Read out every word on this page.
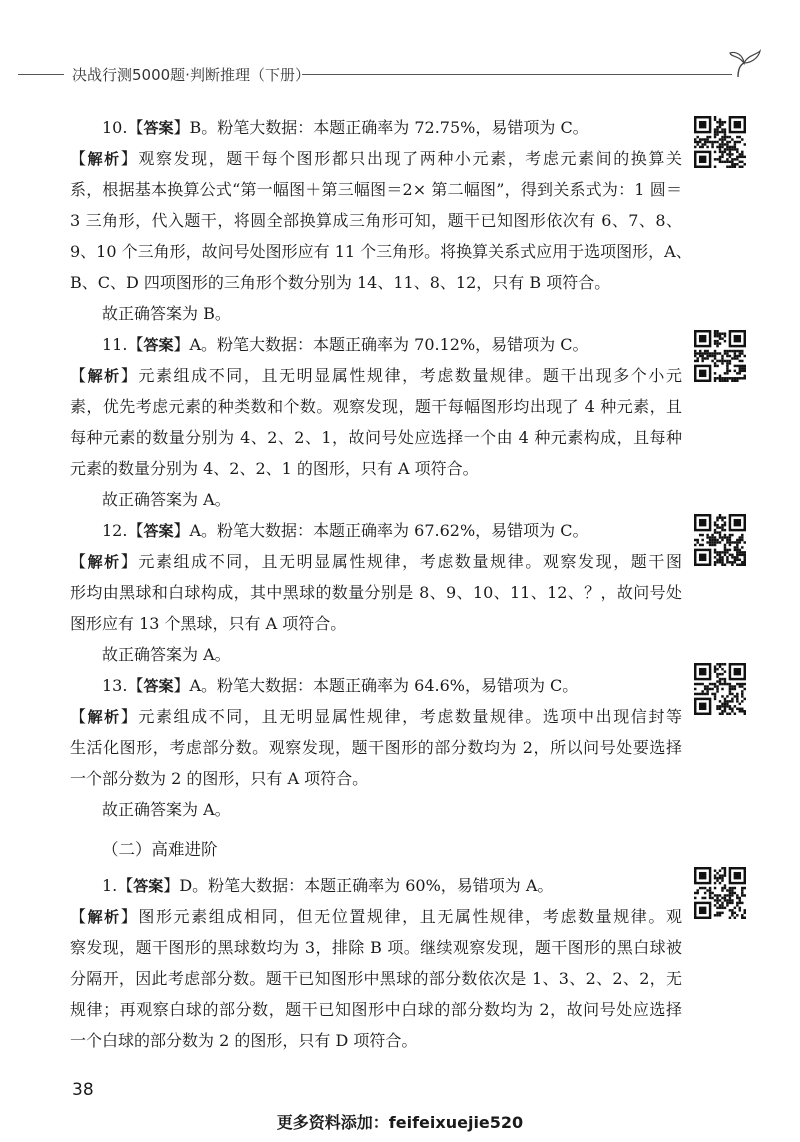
决战行测5000题·判断推理（下册）
10.【答案】B。粉笔大数据：本题正确率为 72.75%，易错项为 C。
【解析】观察发现，题干每个图形都只出现了两种小元素，考虑元素间的换算关
系，根据基本换算公式“第一幅图＋第三幅图＝2× 第二幅图”，得到关系式为：1 圆＝
3 三角形，代入题干，将圆全部换算成三角形可知，题干已知图形依次有 6、7、8、
9、10 个三角形，故问号处图形应有 11 个三角形。将换算关系式应用于选项图形，A、
B、C、D 四项图形的三角形个数分别为 14、11、8、12，只有 B 项符合。
故正确答案为 B。
11.【答案】A。粉笔大数据：本题正确率为 70.12%，易错项为 C。
【解析】元素组成不同，且无明显属性规律，考虑数量规律。题干出现多个小元
素，优先考虑元素的种类数和个数。观察发现，题干每幅图形均出现了 4 种元素，且
每种元素的数量分别为 4、2、2、1，故问号处应选择一个由 4 种元素构成，且每种
元素的数量分别为 4、2、2、1 的图形，只有 A 项符合。
故正确答案为 A。
12.【答案】A。粉笔大数据：本题正确率为 67.62%，易错项为 C。
【解析】元素组成不同，且无明显属性规律，考虑数量规律。观察发现，题干图
形均由黑球和白球构成，其中黑球的数量分别是 8、9、10、11、12、？，故问号处
图形应有 13 个黑球，只有 A 项符合。
故正确答案为 A。
13.【答案】A。粉笔大数据：本题正确率为 64.6%，易错项为 C。
【解析】元素组成不同，且无明显属性规律，考虑数量规律。选项中出现信封等
生活化图形，考虑部分数。观察发现，题干图形的部分数均为 2，所以问号处要选择
一个部分数为 2 的图形，只有 A 项符合。
故正确答案为 A。
（二）高难进阶
1.【答案】D。粉笔大数据：本题正确率为 60%，易错项为 A。
【解析】图形元素组成相同，但无位置规律，且无属性规律，考虑数量规律。观
察发现，题干图形的黑球数均为 3，排除 B 项。继续观察发现，题干图形的黑白球被
分隔开，因此考虑部分数。题干已知图形中黑球的部分数依次是 1、3、2、2、2，无
规律；再观察白球的部分数，题干已知图形中白球的部分数均为 2，故问号处应选择
一个白球的部分数为 2 的图形，只有 D 项符合。
38
更多资料添加：feifeixuejie520
